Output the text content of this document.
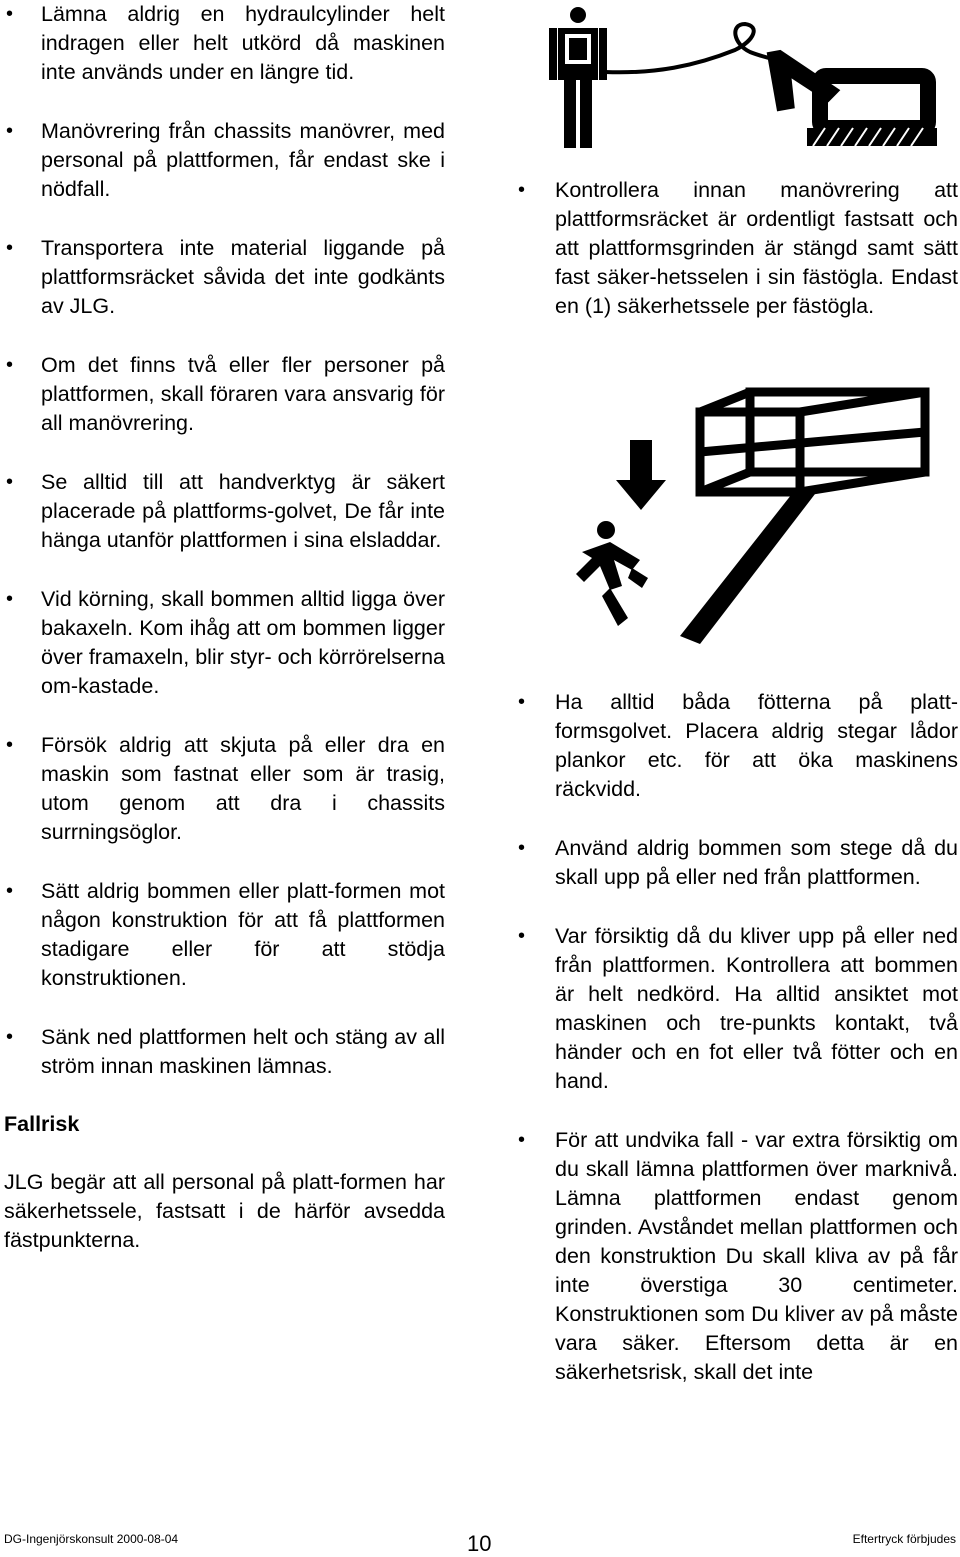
• Lämna aldrig en hydraulcylinder helt indragen eller helt utkörd då maskinen inte används under en längre tid.

• Manövrering från chassits manövrer, med personal på plattformen, får endast ske i nödfall.

• Transportera inte material liggande på plattformsräcket såvida det inte godkänts av JLG.

• Om det finns två eller fler personer på plattformen, skall föraren vara ansvarig för all manövrering.

• Se alltid till att handverktyg är säkert placerade på plattforms-golvet, De får inte hänga utanför plattformen i sina elsladdar.

• Vid körning, skall bommen alltid ligga över bakaxeln. Kom ihåg att om bommen ligger över framaxeln, blir styr- och körrörelserna om-kastade.

• Försök aldrig att skjuta på eller dra en maskin som fastnat eller som är trasig, utom genom att dra i chassits surrningsöglor.

• Sätt aldrig bommen eller platt-formen mot någon konstruktion för att få plattformen stadigare eller för att stödja konstruktionen.

• Sänk ned plattformen helt och stäng av all ström innan maskinen lämnas.

Fallrisk

JLG begär att all personal på platt-formen har säkerhetssele, fastsatt i de härför avsedda fästpunkterna.

• Kontrollera innan manövrering att plattformsräcket är ordentligt fastsatt och att plattformsgrinden är stängd samt sätt fast säker-hetsselen i sin fästögla. Endast en (1) säkerhetssele per fästögla.

• Ha alltid båda fötterna på platt-formsgolvet. Placera aldrig stegar lådor plankor etc. för att öka maskinens räckvidd.

• Använd aldrig bommen som stege då du skall upp på eller ned från plattformen.

• Var försiktig då du kliver upp på eller ned från plattformen. Kontrollera att bommen är helt nedkörd. Ha alltid ansiktet mot maskinen och tre-punkts kontakt, två händer och en fot eller två fötter och en hand.

• För att undvika fall - var extra försiktig om du skall lämna plattformen över marknivå. Lämna plattformen endast genom grinden. Avståndet mellan plattformen och den konstruktion Du skall kliva av på får inte överstiga 30 centimeter. Konstruktionen som Du kliver av på måste vara säker. Eftersom detta är en säkerhetsrisk, skall det inte

DG-Ingenjörskonsult 2000-08-04	10	Eftertryck förbjudes
